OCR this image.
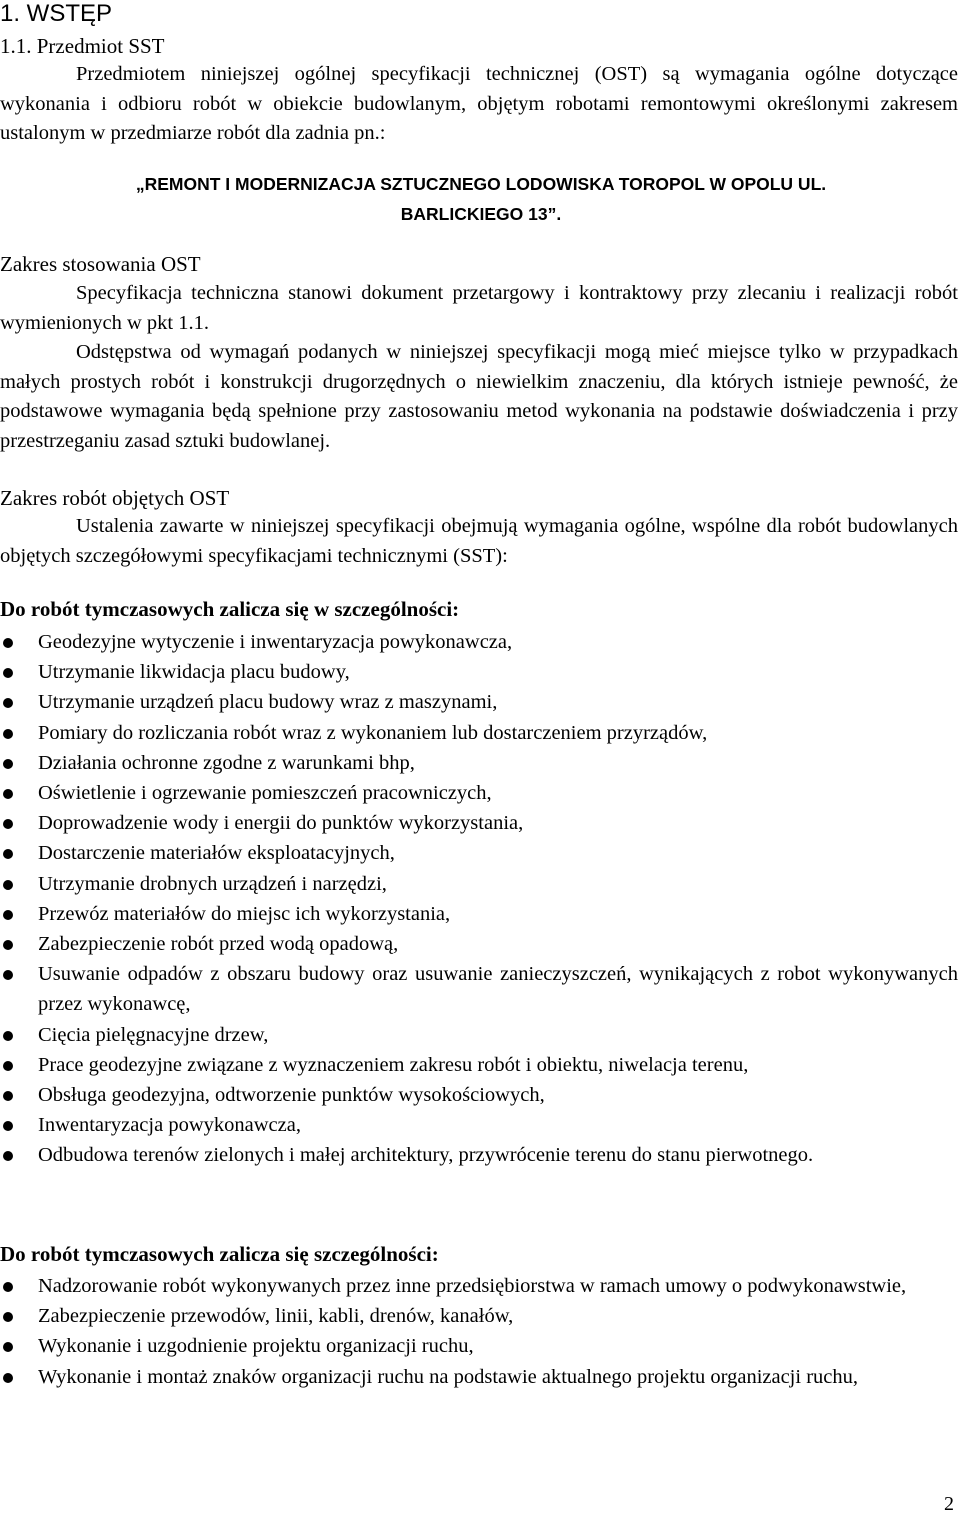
1. WSTĘP
1.1. Przedmiot SST

Przedmiotem niniejszej ogólnej specyfikacji technicznej (OST) są wymagania ogólne dotyczące wykonania i odbioru robót w obiekcie budowlanym, objętym robotami remontowymi określonymi zakresem ustalonym w przedmiarze robót dla zadnia pn.:

„REMONT I MODERNIZACJA SZTUCZNEGO LODOWISKA TOROPOL W OPOLU UL. BARLICKIEGO 13”.
Zakres stosowania OST

Specyfikacja techniczna stanowi dokument przetargowy i kontraktowy przy zlecaniu i realizacji robót wymienionych w pkt 1.1.

Odstępstwa od wymagań podanych w niniejszej specyfikacji mogą mieć miejsce tylko w przypadkach małych prostych robót i konstrukcji drugorzędnych o niewielkim znaczeniu, dla których istnieje pewność, że podstawowe wymagania będą spełnione przy zastosowaniu metod wykonania na podstawie doświadczenia i przy przestrzeganiu zasad sztuki budowlanej.

Zakres robót objętych OST

Ustalenia zawarte w niniejszej specyfikacji obejmują wymagania ogólne, wspólne dla robót budowlanych objętych szczegółowymi specyfikacjami technicznymi (SST):

Do robót tymczasowych zalicza się w szczególności:
Geodezyjne wytyczenie i inwentaryzacja powykonawcza,
Utrzymanie likwidacja placu budowy,
Utrzymanie urządzeń placu budowy wraz z maszynami,
Pomiary do rozliczania robót wraz z wykonaniem lub dostarczeniem przyrządów,
Działania ochronne zgodne z warunkami bhp,
Oświetlenie i ogrzewanie pomieszczeń pracowniczych,
Doprowadzenie wody i energii do punktów wykorzystania,
Dostarczenie materiałów eksploatacyjnych,
Utrzymanie drobnych urządzeń i narzędzi,
Przewóz materiałów do miejsc ich wykorzystania,
Zabezpieczenie robót przed wodą opadową,
Usuwanie odpadów z obszaru budowy oraz usuwanie zanieczyszczeń, wynikających z robot wykonywanych przez wykonawcę,
Cięcia pielęgnacyjne drzew,
Prace geodezyjne związane z wyznaczeniem zakresu robót i obiektu, niwelacja terenu,
Obsługa geodezyjna, odtworzenie punktów wysokościowych,
Inwentaryzacja powykonawcza,
Odbudowa terenów zielonych i małej architektury, przywrócenie terenu do stanu pierwotnego.
Do robót tymczasowych zalicza się szczególności:
Nadzorowanie robót wykonywanych przez inne przedsiębiorstwa w ramach umowy o podwykonawstwie,
Zabezpieczenie przewodów, linii, kabli, drenów, kanałów,
Wykonanie i uzgodnienie projektu organizacji ruchu,
Wykonanie i montaż znaków organizacji ruchu na podstawie aktualnego projektu organizacji ruchu,
2
